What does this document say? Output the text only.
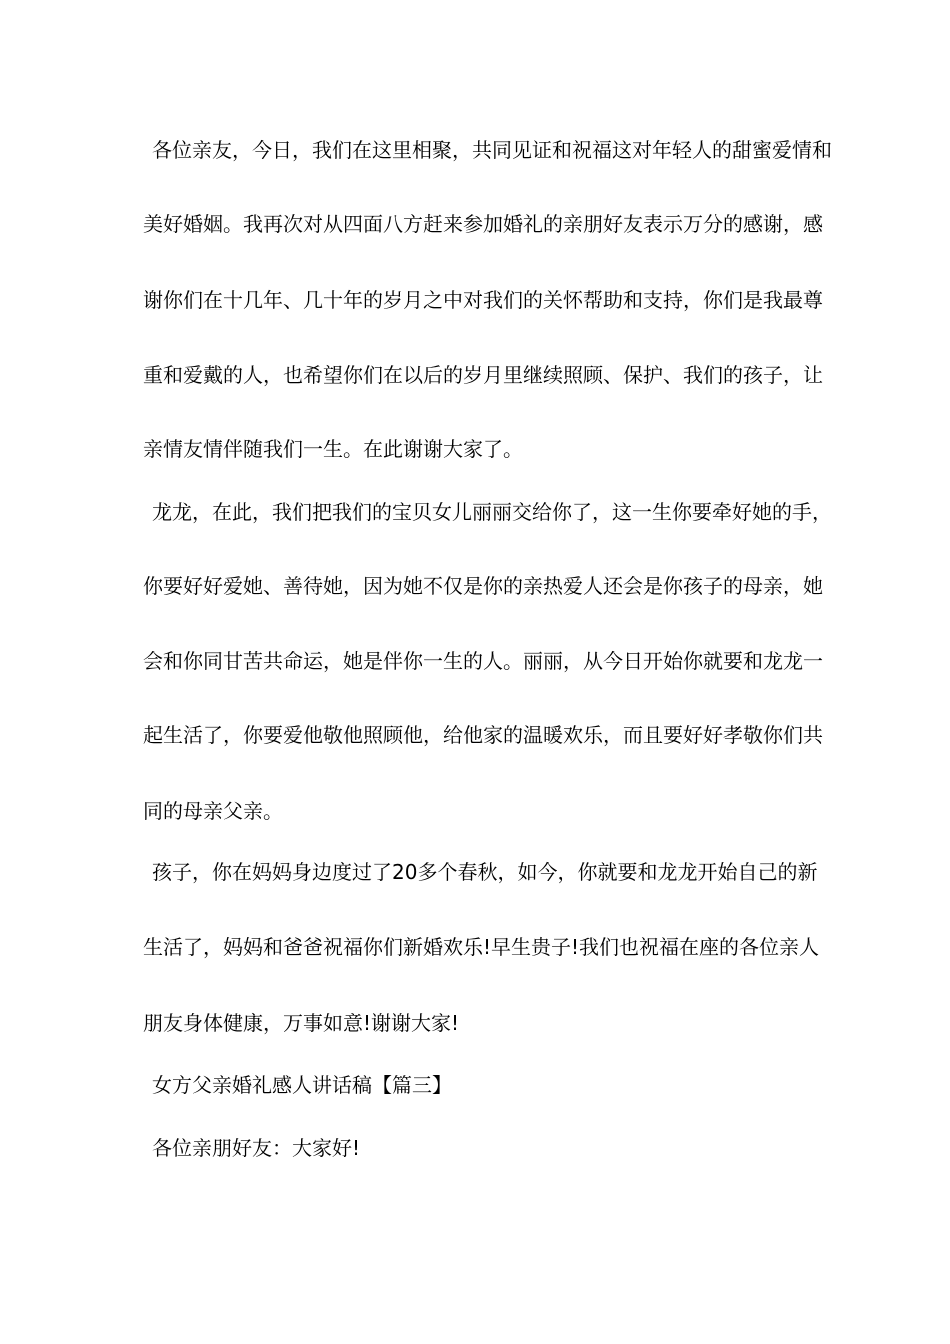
各位亲友，今日，我们在这里相聚，共同见证和祝福这对年轻人的甜蜜爱情和
美好婚姻。我再次对从四面八方赶来参加婚礼的亲朋好友表示万分的感谢，感
谢你们在十几年、几十年的岁月之中对我们的关怀帮助和支持，你们是我最尊
重和爱戴的人，也希望你们在以后的岁月里继续照顾、保护、我们的孩子，让
亲情友情伴随我们一生。在此谢谢大家了。
龙龙，在此，我们把我们的宝贝女儿丽丽交给你了，这一生你要牵好她的手，
你要好好爱她、善待她，因为她不仅是你的亲热爱人还会是你孩子的母亲，她
会和你同甘苦共命运，她是伴你一生的人。丽丽，从今日开始你就要和龙龙一
起生活了，你要爱他敬他照顾他，给他家的温暖欢乐，而且要好好孝敬你们共
同的母亲父亲。
孩子，你在妈妈身边度过了20多个春秋，如今，你就要和龙龙开始自己的新
生活了，妈妈和爸爸祝福你们新婚欢乐!早生贵子!我们也祝福在座的各位亲人
朋友身体健康，万事如意!谢谢大家!
女方父亲婚礼感人讲话稿【篇三】
各位亲朋好友：大家好!
